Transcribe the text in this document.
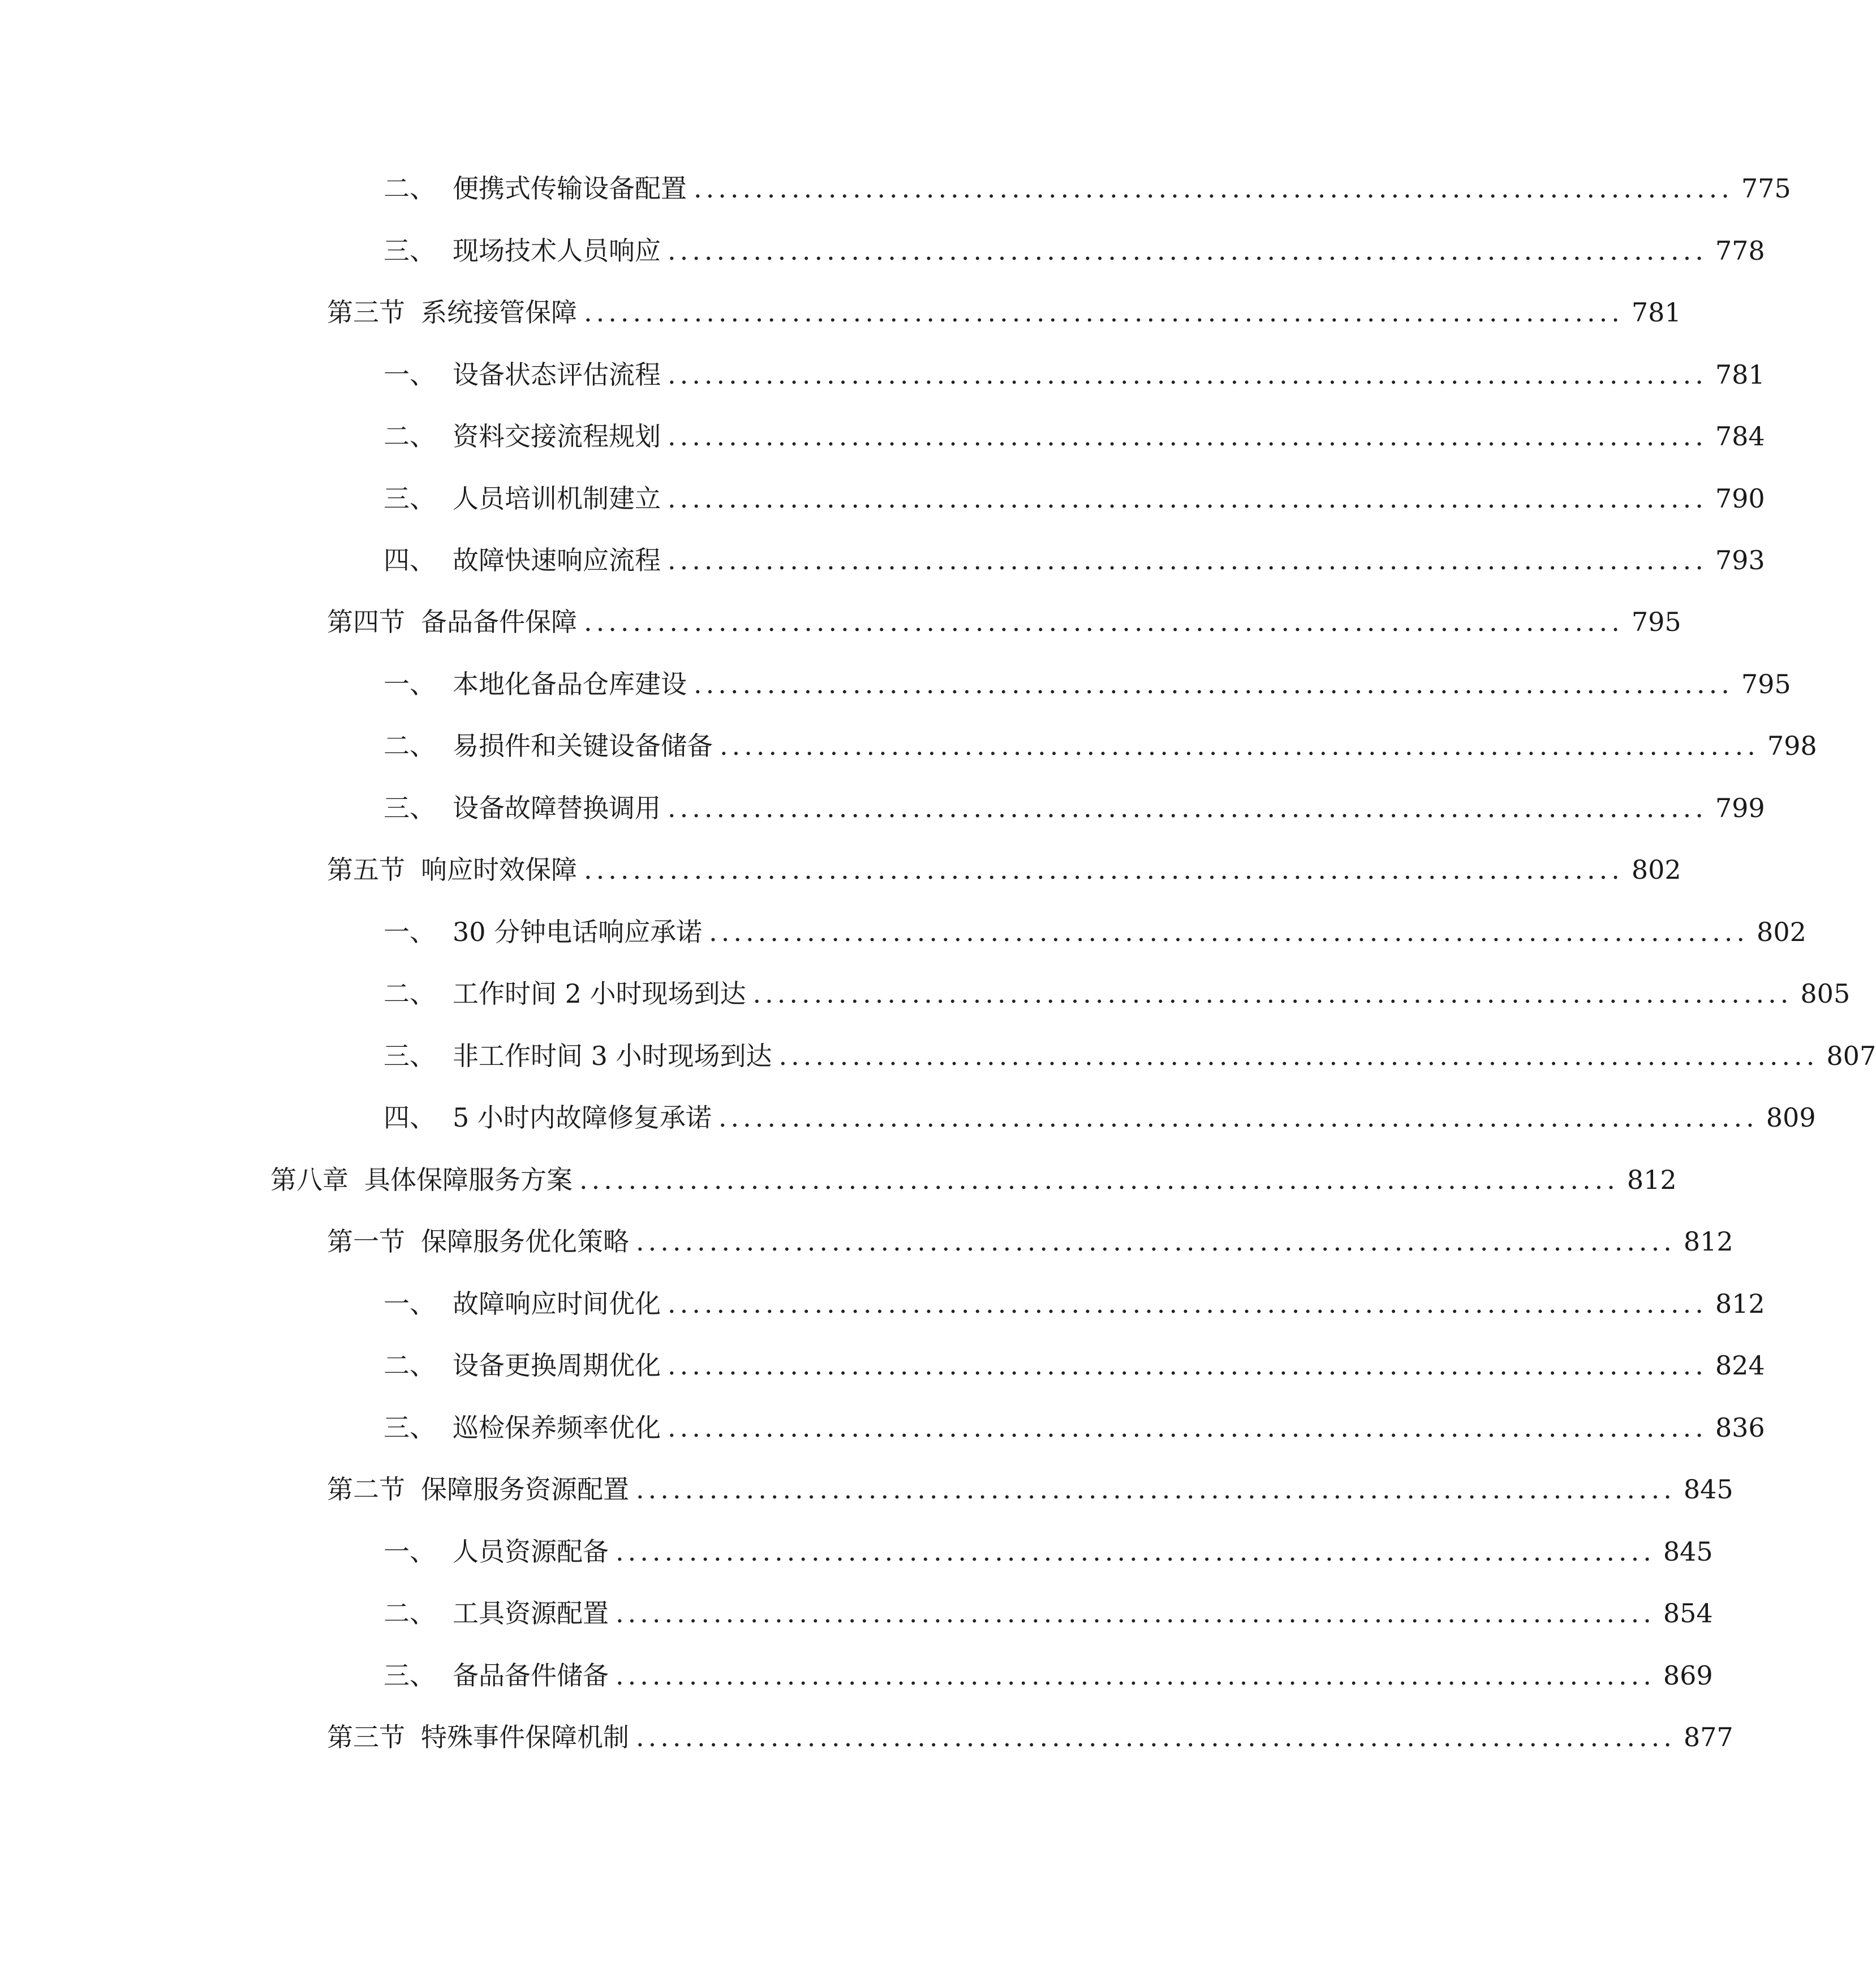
二、 便携式传输设备配置 ..................................................................................... 775
三、 现场技术人员响应 ..................................................................................... 778
第三节 系统接管保障 ..................................................................................... 781
一、 设备状态评估流程 ..................................................................................... 781
二、 资料交接流程规划 ..................................................................................... 784
三、 人员培训机制建立 ..................................................................................... 790
四、 故障快速响应流程 ..................................................................................... 793
第四节 备品备件保障 ..................................................................................... 795
一、 本地化备品仓库建设 ..................................................................................... 795
二、 易损件和关键设备储备 ..................................................................................... 798
三、 设备故障替换调用 ..................................................................................... 799
第五节 响应时效保障 ..................................................................................... 802
一、 30 分钟电话响应承诺 ..................................................................................... 802
二、 工作时间 2 小时现场到达 ..................................................................................... 805
三、 非工作时间 3 小时现场到达 ..................................................................................... 807
四、 5 小时内故障修复承诺 ..................................................................................... 809
第八章 具体保障服务方案 ..................................................................................... 812
第一节 保障服务优化策略 ..................................................................................... 812
一、 故障响应时间优化 ..................................................................................... 812
二、 设备更换周期优化 ..................................................................................... 824
三、 巡检保养频率优化 ..................................................................................... 836
第二节 保障服务资源配置 ..................................................................................... 845
一、 人员资源配备 ..................................................................................... 845
二、 工具资源配置 ..................................................................................... 854
三、 备品备件储备 ..................................................................................... 869
第三节 特殊事件保障机制 ..................................................................................... 877
